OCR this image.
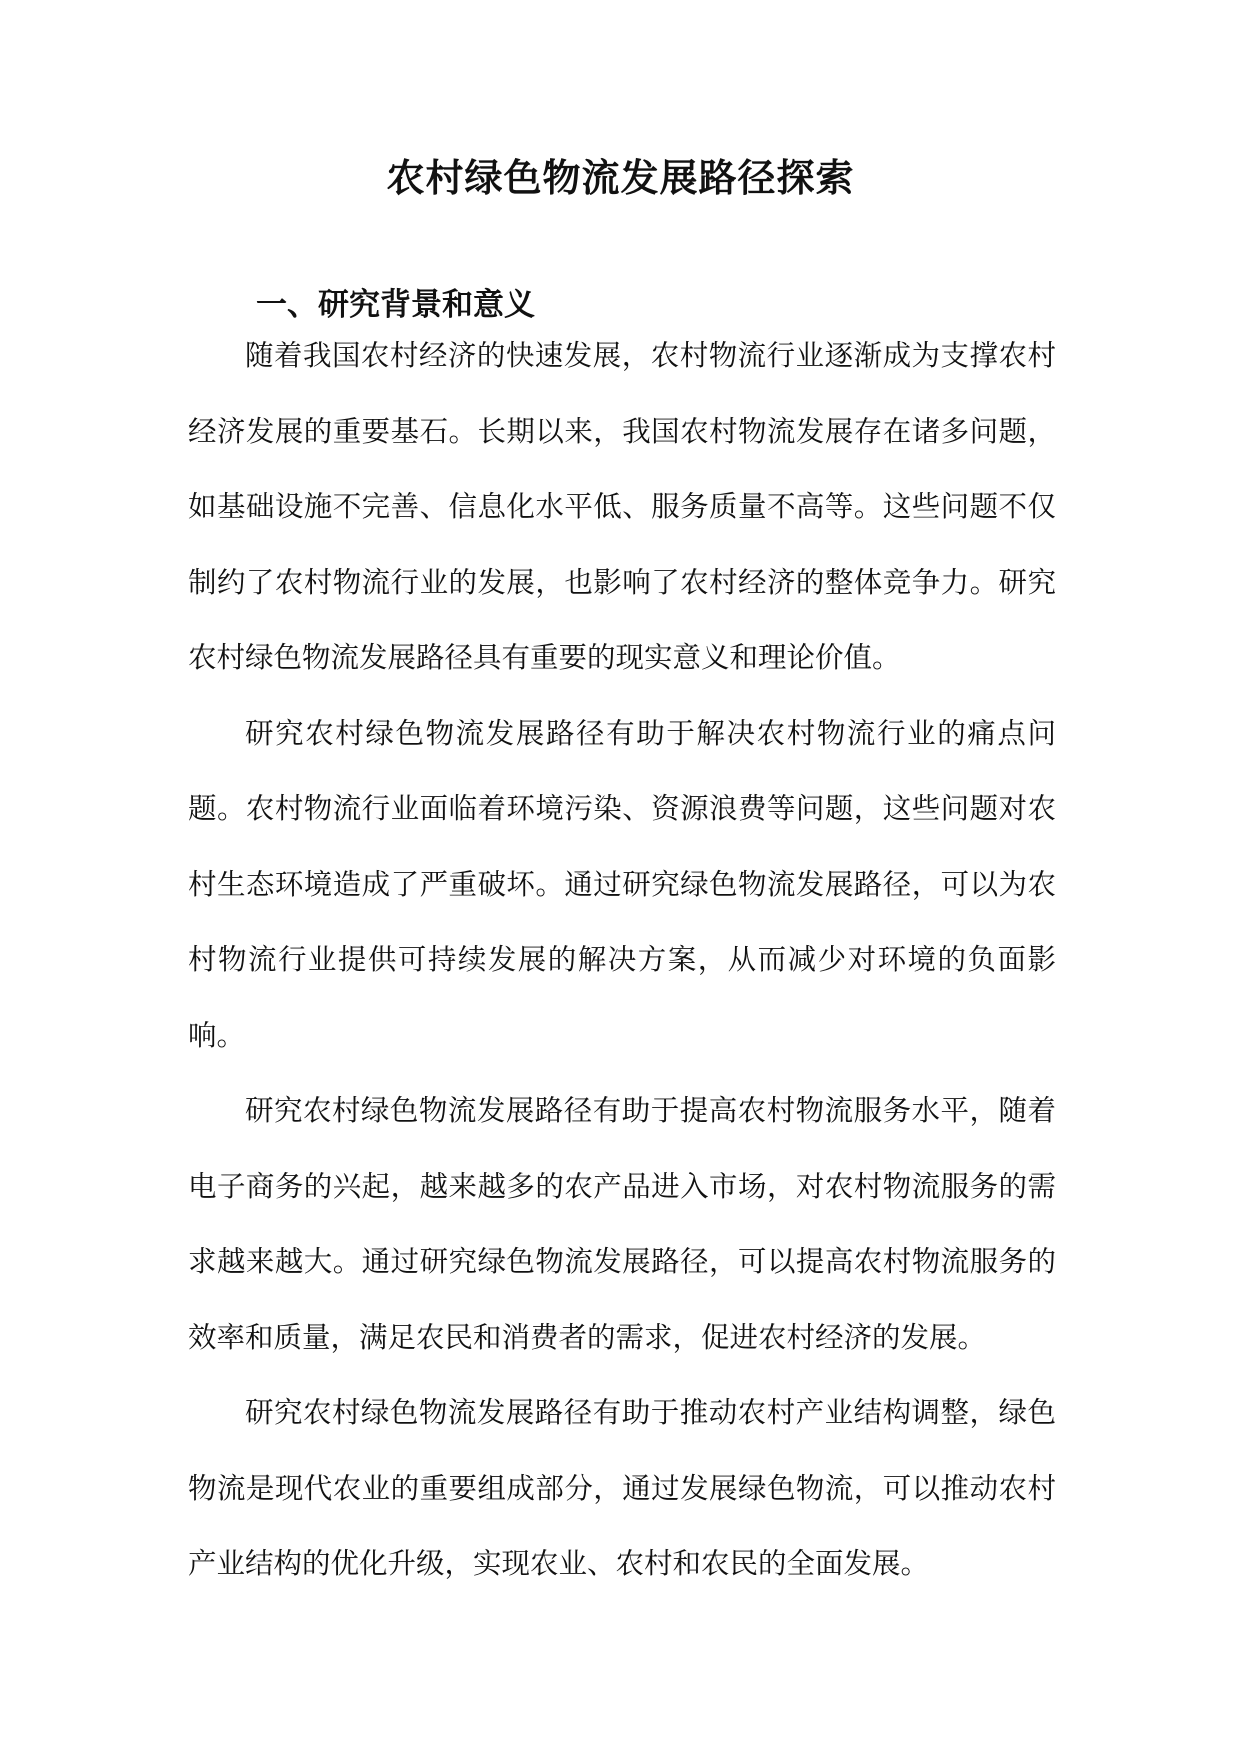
农村绿色物流发展路径探索
一、研究背景和意义

随着我国农村经济的快速发展，农村物流行业逐渐成为支撑农村经济发展的重要基石。长期以来，我国农村物流发展存在诸多问题，如基础设施不完善、信息化水平低、服务质量不高等。这些问题不仅制约了农村物流行业的发展，也影响了农村经济的整体竞争力。研究农村绿色物流发展路径具有重要的现实意义和理论价值。

研究农村绿色物流发展路径有助于解决农村物流行业的痛点问题。农村物流行业面临着环境污染、资源浪费等问题，这些问题对农村生态环境造成了严重破坏。通过研究绿色物流发展路径，可以为农村物流行业提供可持续发展的解决方案，从而减少对环境的负面影响。

研究农村绿色物流发展路径有助于提高农村物流服务水平，随着电子商务的兴起，越来越多的农产品进入市场，对农村物流服务的需求越来越大。通过研究绿色物流发展路径，可以提高农村物流服务的效率和质量，满足农民和消费者的需求，促进农村经济的发展。

研究农村绿色物流发展路径有助于推动农村产业结构调整，绿色物流是现代农业的重要组成部分，通过发展绿色物流，可以推动农村产业结构的优化升级，实现农业、农村和农民的全面发展。
